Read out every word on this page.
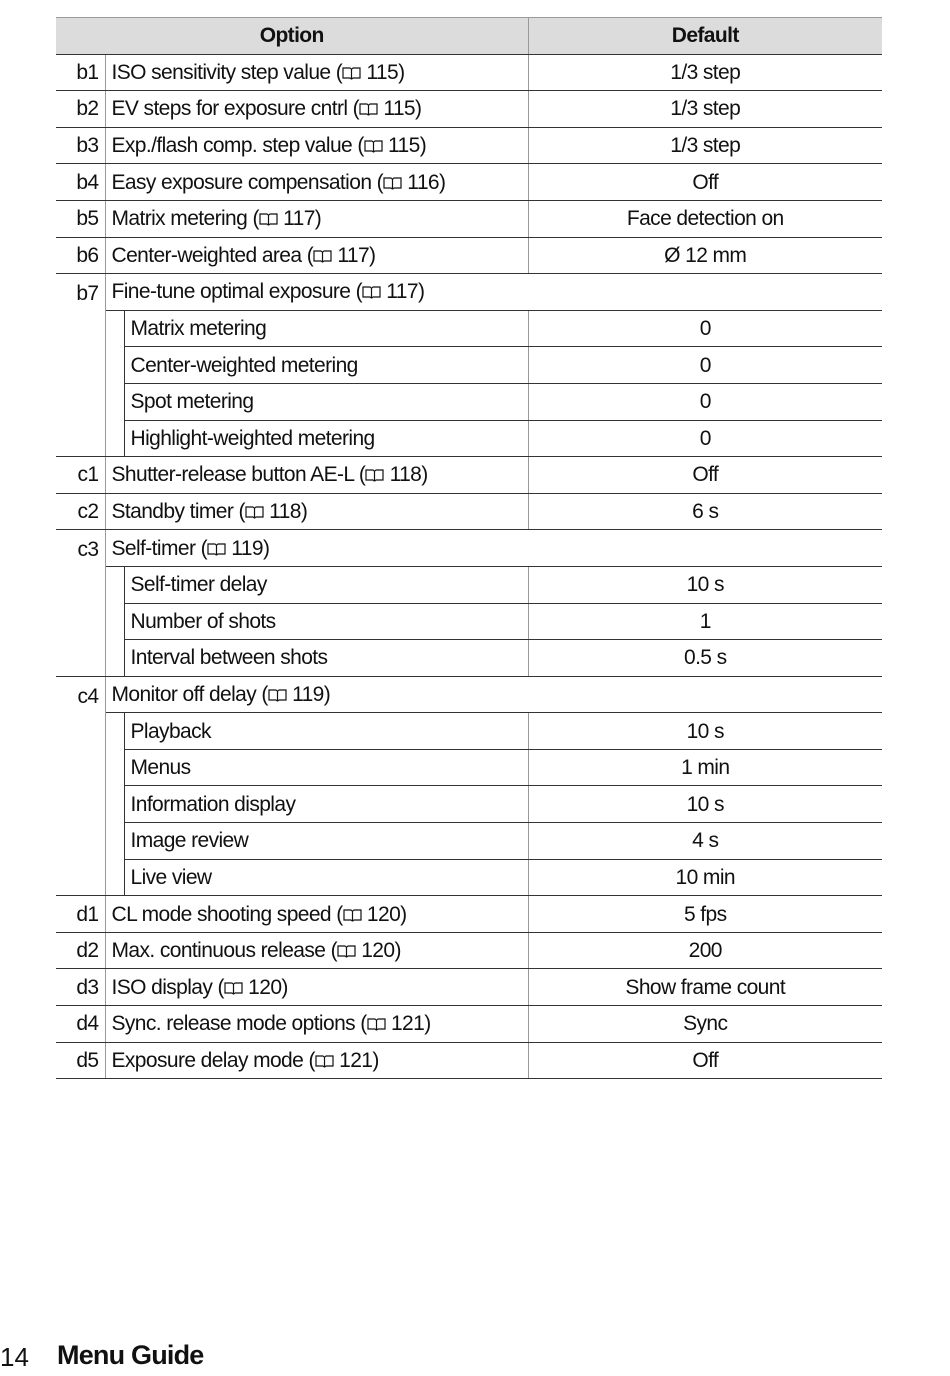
Option			Default
b1	ISO sensitivity step value ( 115)		1/3 step
b2	EV steps for exposure cntrl ( 115)		1/3 step
b3	Exp./flash comp. step value ( 115)		1/3 step
b4	Easy exposure compensation ( 116)		Off
b5	Matrix metering ( 117)		Face detection on
b6	Center-weighted area ( 117)		Ø 12 mm
b7	Fine-tune optimal exposure ( 117)		
		Matrix metering	0
		Center-weighted metering	0
		Spot metering	0
		Highlight-weighted metering	0
c1	Shutter-release button AE-L ( 118)		Off
c2	Standby timer ( 118)		6 s
c3	Self-timer ( 119)		
		Self-timer delay	10 s
		Number of shots	1
		Interval between shots	0.5 s
c4	Monitor off delay ( 119)		
		Playback	10 s
		Menus	1 min
		Information display	10 s
		Image review	4 s
		Live view	10 min
d1	CL mode shooting speed ( 120)		5 fps
d2	Max. continuous release ( 120)		200
d3	ISO display ( 120)		Show frame count
d4	Sync. release mode options ( 121)		Sync
d5	Exposure delay mode ( 121)		Off
14 Menu Guide
